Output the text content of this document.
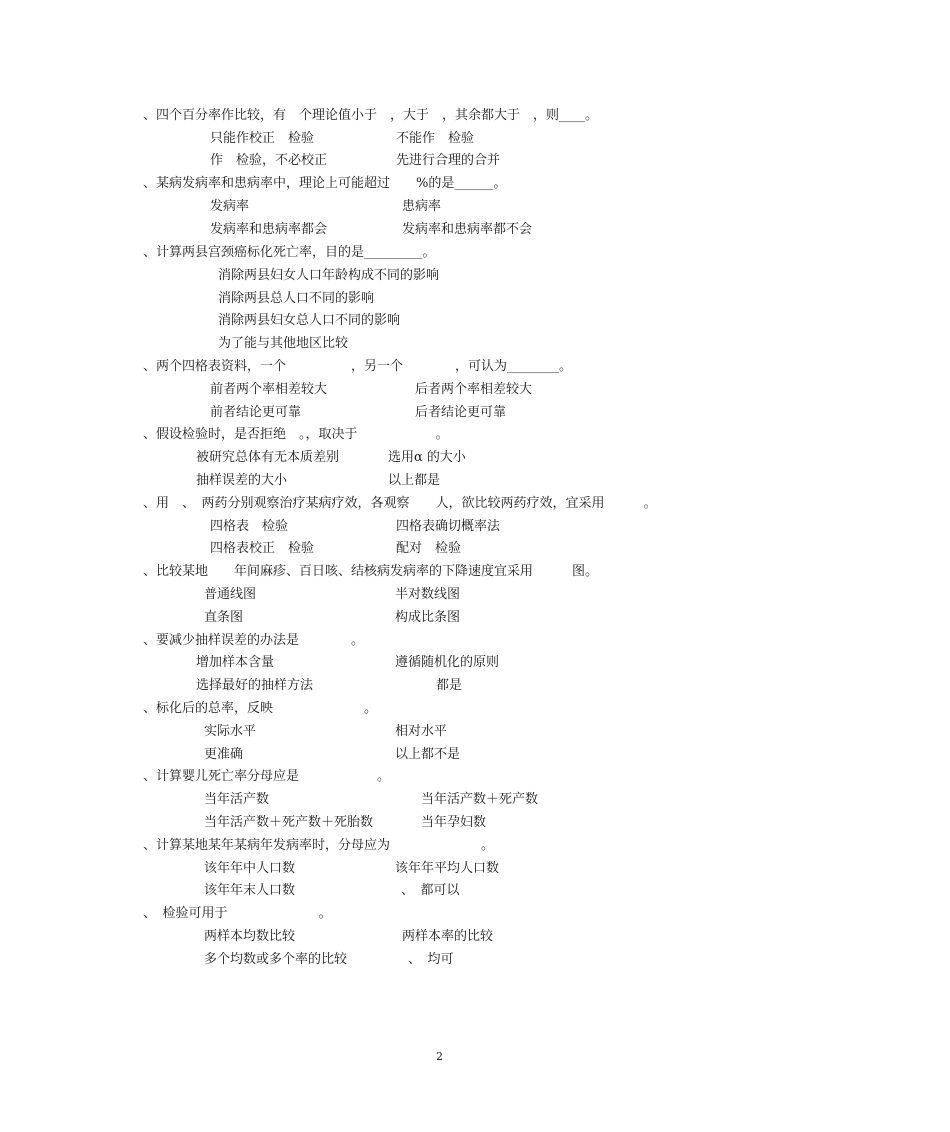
、四个百分率作比较，有　个理论值小于　，大于　，其余都大于　，则____。
只能作校正　检验	不能作　检验
作　检验，不必校正	先进行合理的合并
、某病发病率和患病率中，理论上可能超过　　%的是______。
发病率	患病率
发病率和患病率都会	发病率和患病率都不会
、计算两县宫颈癌标化死亡率，目的是_________。
消除两县妇女人口年龄构成不同的影响
消除两县总人口不同的影响
消除两县妇女总人口不同的影响
为了能与其他地区比较
、两个四格表资料，一个　　　　　，另一个　　　　，可认为________。
前者两个率相差较大	后者两个率相差较大
前者结论更可靠	后者结论更可靠
、假设检验时，是否拒绝　。，取决于　　　　　　。
被研究总体有无本质差别	选用α 的大小
抽样误差的大小	以上都是
、用　、　两药分别观察治疗某病疗效，各观察　　人，欲比较两药疗效，宜采用　　　。
四格表　检验	四格表确切概率法
四格表校正　检验	配对　检验
、比较某地　　年间麻疹、百日咳、结核病发病率的下降速度宜采用　　　图。
普通线图	半对数线图
直条图	构成比条图
、要减少抽样误差的办法是　　　　。
增加样本含量	遵循随机化的原则
选择最好的抽样方法	都是
、标化后的总率，反映　　　　　　　。
实际水平	相对水平
更准确	以上都不是
、计算婴儿死亡率分母应是　　　　　　。
当年活产数	当年活产数＋死产数
当年活产数＋死产数＋死胎数	当年孕妇数
、计算某地某年某病年发病率时，分母应为　　　　　　　。
该年年中人口数	该年年平均人口数
该年年末人口数	、　都可以
、　检验可用于　　　　　　　。
两样本均数比较	两样本率的比较
多个均数或多个率的比较	、　均可
2
